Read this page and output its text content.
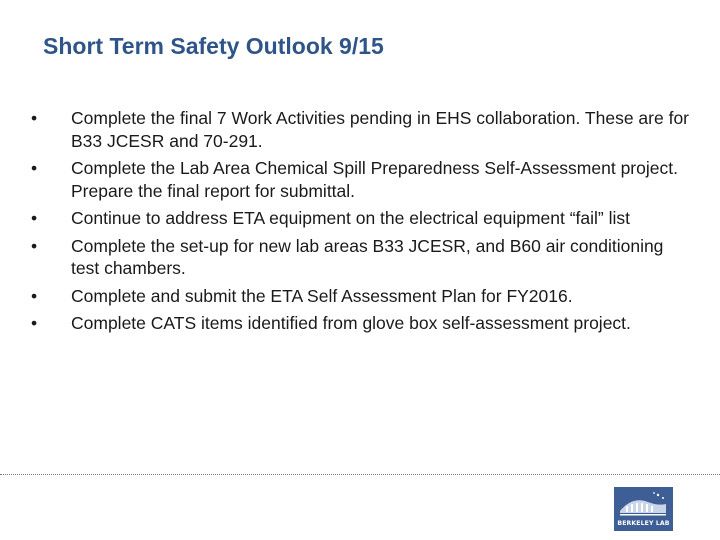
Short Term Safety Outlook 9/15
•	Complete the final 7 Work Activities pending in EHS collaboration. These are for B33 JCESR and 70-291.
•	Complete the Lab Area Chemical Spill Preparedness Self-Assessment project. Prepare the final report for submittal.
•	Continue to address ETA equipment on the electrical equipment “fail” list
•	Complete the set-up for new lab areas B33 JCESR, and B60 air conditioning test chambers.
•	Complete and submit the ETA Self Assessment Plan for FY2016.
•	Complete CATS items identified from glove box self-assessment project.
BERKELEY LAB
